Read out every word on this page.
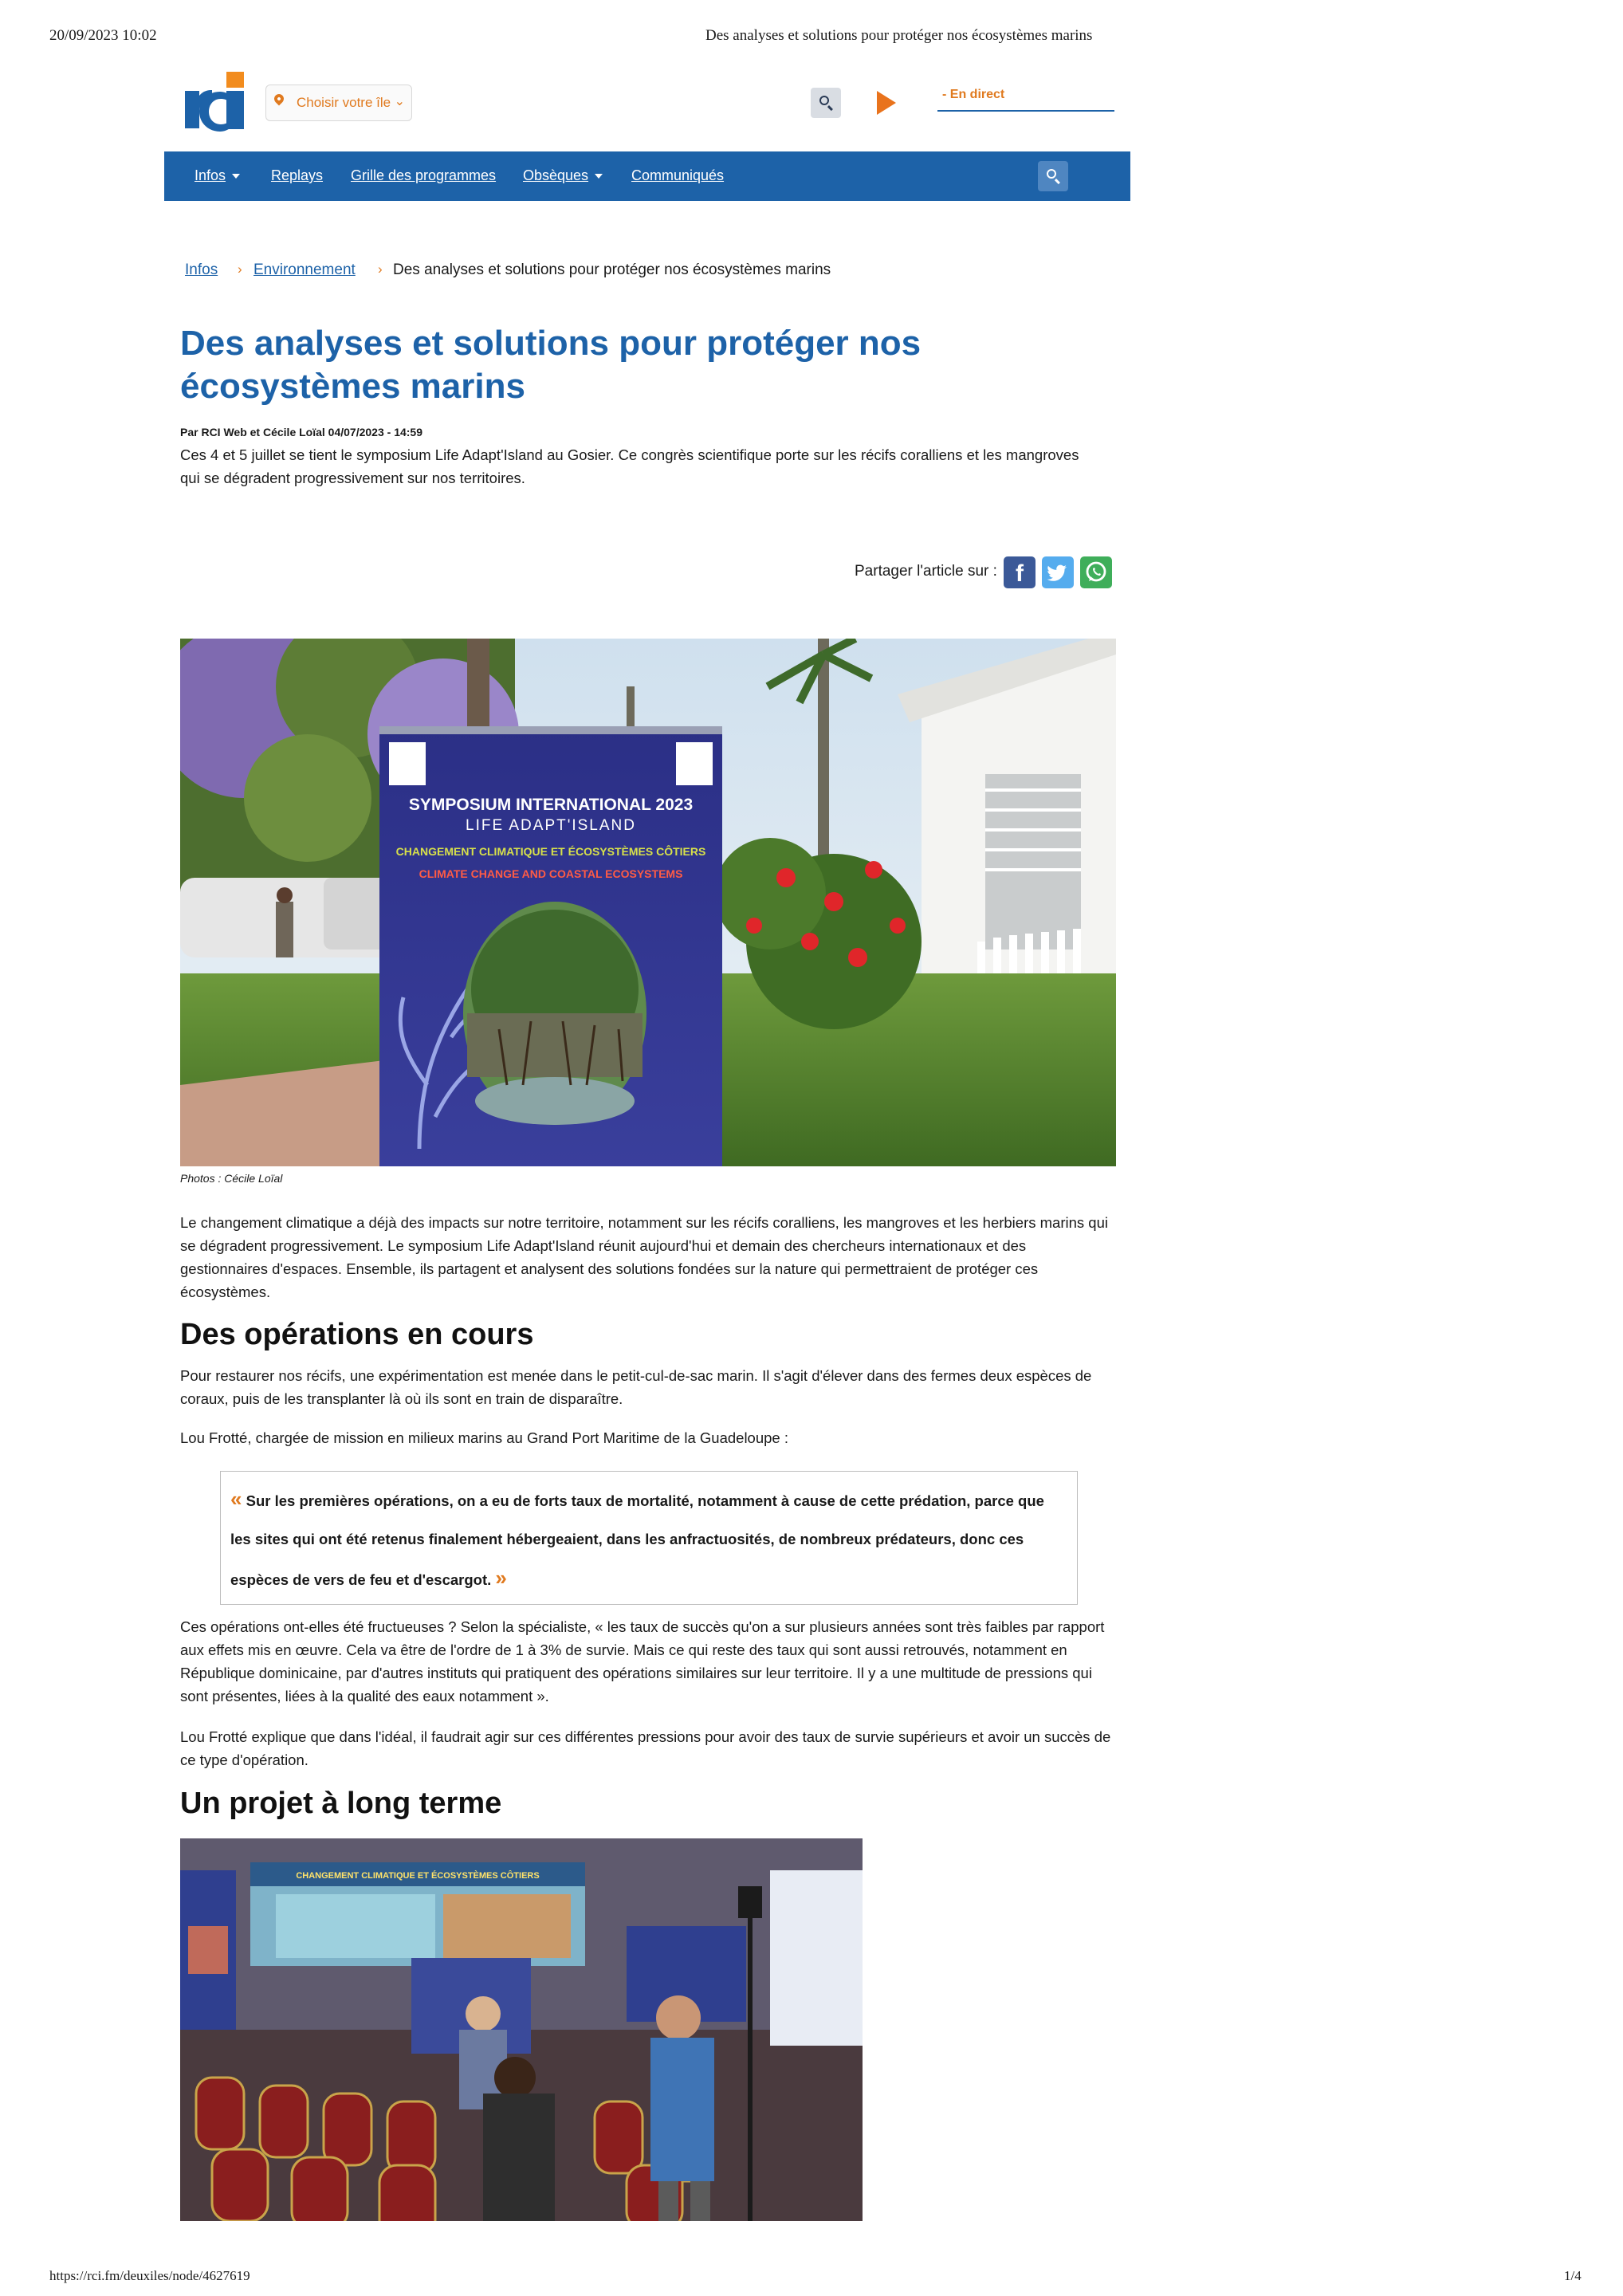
20/09/2023 10:02	Des analyses et solutions pour protéger nos écosystèmes marins
Choisir votre île ⌄
- En direct
Infos	Replays Grille des programmes Obsèques	Communiqués
Infos › Environnement › Des analyses et solutions pour protéger nos écosystèmes marins
Des analyses et solutions pour protéger nos écosystèmes marins
Par RCI Web et Cécile Loïal 04/07/2023 - 14:59
Ces 4 et 5 juillet se tient le symposium Life Adapt'Island au Gosier. Ce congrès scientifique porte sur les récifs coralliens et les mangroves qui se dégradent progressivement sur nos territoires.
Partager l'article sur : f
SYMPOSIUM INTERNATIONAL 2023
LIFE ADAPT'ISLAND
CHANGEMENT CLIMATIQUE ET ÉCOSYSTÈMES CÔTIERS
CLIMATE CHANGE AND COASTAL ECOSYSTEMS
Photos : Cécile Loïal
Le changement climatique a déjà des impacts sur notre territoire, notamment sur les récifs coralliens, les mangroves et les herbiers marins qui se dégradent progressivement. Le symposium Life Adapt'Island réunit aujourd'hui et demain des chercheurs internationaux et des gestionnaires d'espaces. Ensemble, ils partagent et analysent des solutions fondées sur la nature qui permettraient de protéger ces écosystèmes.
Des opérations en cours
Pour restaurer nos récifs, une expérimentation est menée dans le petit-cul-de-sac marin. Il s'agit d'élever dans des fermes deux espèces de coraux, puis de les transplanter là où ils sont en train de disparaître.
Lou Frotté, chargée de mission en milieux marins au Grand Port Maritime de la Guadeloupe :

« Sur les premières opérations, on a eu de forts taux de mortalité, notamment à cause de cette prédation, parce que les sites qui ont été retenus finalement hébergeaient, dans les anfractuosités, de nombreux prédateurs, donc ces espèces de vers de feu et d'escargot. »

Ces opérations ont-elles été fructueuses ? Selon la spécialiste, « les taux de succès qu'on a sur plusieurs années sont très faibles par rapport aux effets mis en œuvre. Cela va être de l'ordre de 1 à 3% de survie. Mais ce qui reste des taux qui sont aussi retrouvés, notamment en République dominicaine, par d'autres instituts qui pratiquent des opérations similaires sur leur territoire. Il y a une multitude de pressions qui sont présentes, liées à la qualité des eaux notamment ».
Lou Frotté explique que dans l'idéal, il faudrait agir sur ces différentes pressions pour avoir des taux de survie supérieurs et avoir un succès de ce type d'opération.
Un projet à long terme
CHANGEMENT CLIMATIQUE ET ÉCOSYSTÈMES CÔTIERS
https://rci.fm/deuxiles/node/4627619	1/4
